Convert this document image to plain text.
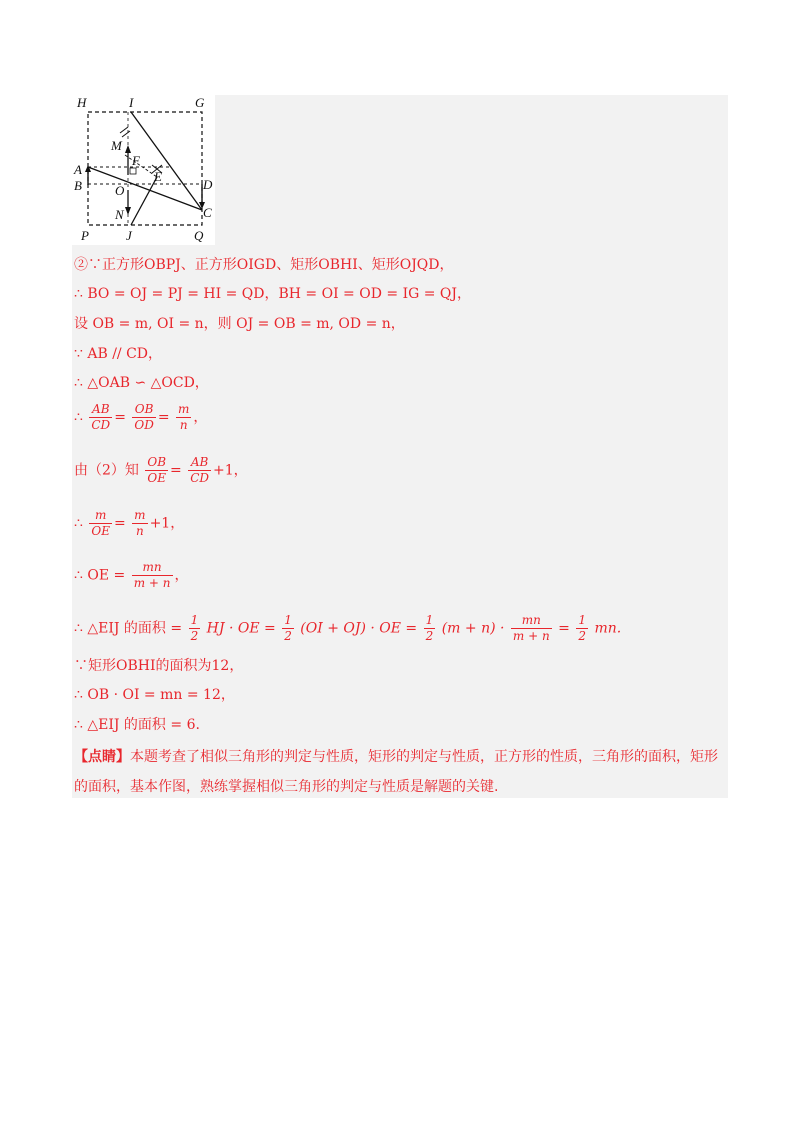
H	I	G
A
B	D
M
F
O
E
N	C
P	J	Q
②∵正方形OBPJ、正方形OIGD、矩形OBHI、矩形OJQD，
∴ BO = OJ = PJ = HI = QD，BH = OI = OD = IG = QJ，
设 OB = m, OI = n，则 OJ = OB = m, OD = n，
∵ AB // CD，
∴ △OAB ∽ △OCD，
∴ $\frac{AB}{CD} = \frac{OB}{OD} = \frac{m}{n}$ ，
由（2）知 $\frac{OB}{OE} = \frac{AB}{CD} +1$，
∴ $\frac{m}{OE} = \frac{m}{n} +1$，
∴ OE = $\frac{mn}{m + n}$ ，
∴ △EIJ 的面积 = $\frac{1}{2}$ HJ · OE = $\frac{1}{2} (OI + OJ)$ · OE = $\frac{1}{2} (m + n) \cdot \frac{mn}{m + n} = \frac{1}{2}$ mn.
∵矩形OBHI的面积为12，
∴ OB · OI = mn = 12，
∴ △EIJ 的面积 = 6.
【点睛】本题考查了相似三角形的判定与性质，矩形的判定与性质，正方形的性质，三角形的面积，矩形的面积，基本作图，熟练掌握相似三角形的判定与性质是解题的关键.
